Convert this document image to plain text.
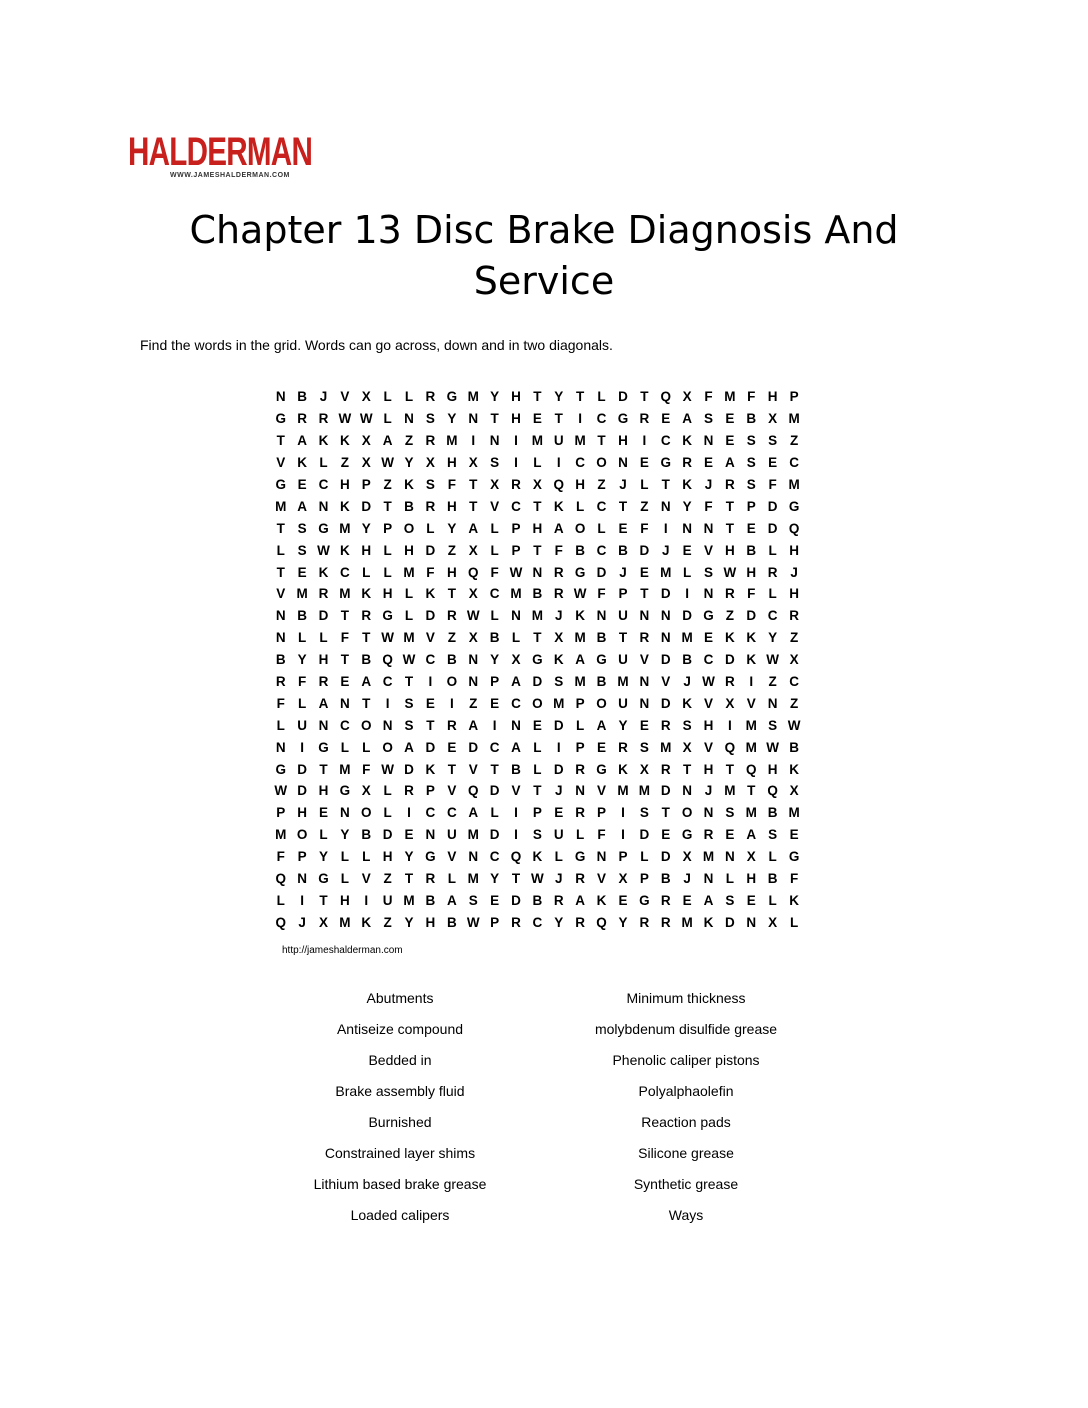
HALDERMAN
WWW.JAMESHALDERMAN.COM
Chapter 13 Disc Brake Diagnosis And Service
Find the words in the grid. Words can go across, down and in two diagonals.
N B J V X L L R G M Y H T Y T L D T Q X F M F H P
G R R W W L N S Y N T H E T	I	C G R E A S E B X M
T A K K X A Z R M	I	N	I	M U M T H	I	C K N E S S Z
V K L Z X W Y X H X S	I	L	I	C O N E G R E A S E C
G E C H P Z K S F T X R X Q H Z	J	L T K J R S F M
M A N K D T B R H T V C T K L C T Z N Y F T P D G
T S G M Y P O L Y A L P H A O L E F	I	N N T E D Q
L S W K H L H D Z X L P T F B C B D J E V H B L H
T E K C L L M F H Q F W N R G D J E M L S W H R J
V M R M K H L K T X C M B R W F P T D	I	N R F L H
N B D T R G L D R W L N M J K N U N N D G Z D C R
N L L F T W M V Z X B L T X M B T R N M E K K Y Z
B Y H T B Q W C B N Y X G K A G U V D B C D K W X
R F R E A C T	I	O N P A D S M B M N V J W R	I	Z C
F L A N T	I	S E	I	Z E C O M P O U N D K V X V N Z
L U N C O N S T R A	I	N E D L A Y E R S H	I	M S W
N	I	G L L O A D E D C A L	I	P E R S M X V Q M W B
G D T M F W D K T V T B L D R G K X R T H T Q H K
W D H G X L R P V Q D V T	J N V M M D N J M T Q X
P H E N O L	I	C C A L	I	P E R P	I	S T O N S M B M
M O L Y B D E N U M D	I	S U L F	I	D E G R E A S E
F P Y L L H Y G V N C Q K L G N P L D X M N X L G
Q N G L V Z T R L M Y T W J R V X P B J N L H B F
L	I	T H	I	U M B A S E D B R A K E G R E A S E L K
Q J X M K Z Y H B W P R C Y R Q Y R R M K D N X L
http://jameshalderman.com
Abutments
Antiseize compound
Bedded in
Brake assembly fluid
Burnished
Constrained layer shims
Lithium based brake grease
Loaded calipers
Minimum thickness
molybdenum disulfide grease
Phenolic caliper pistons
Polyalphaolefin
Reaction pads
Silicone grease
Synthetic grease
Ways
